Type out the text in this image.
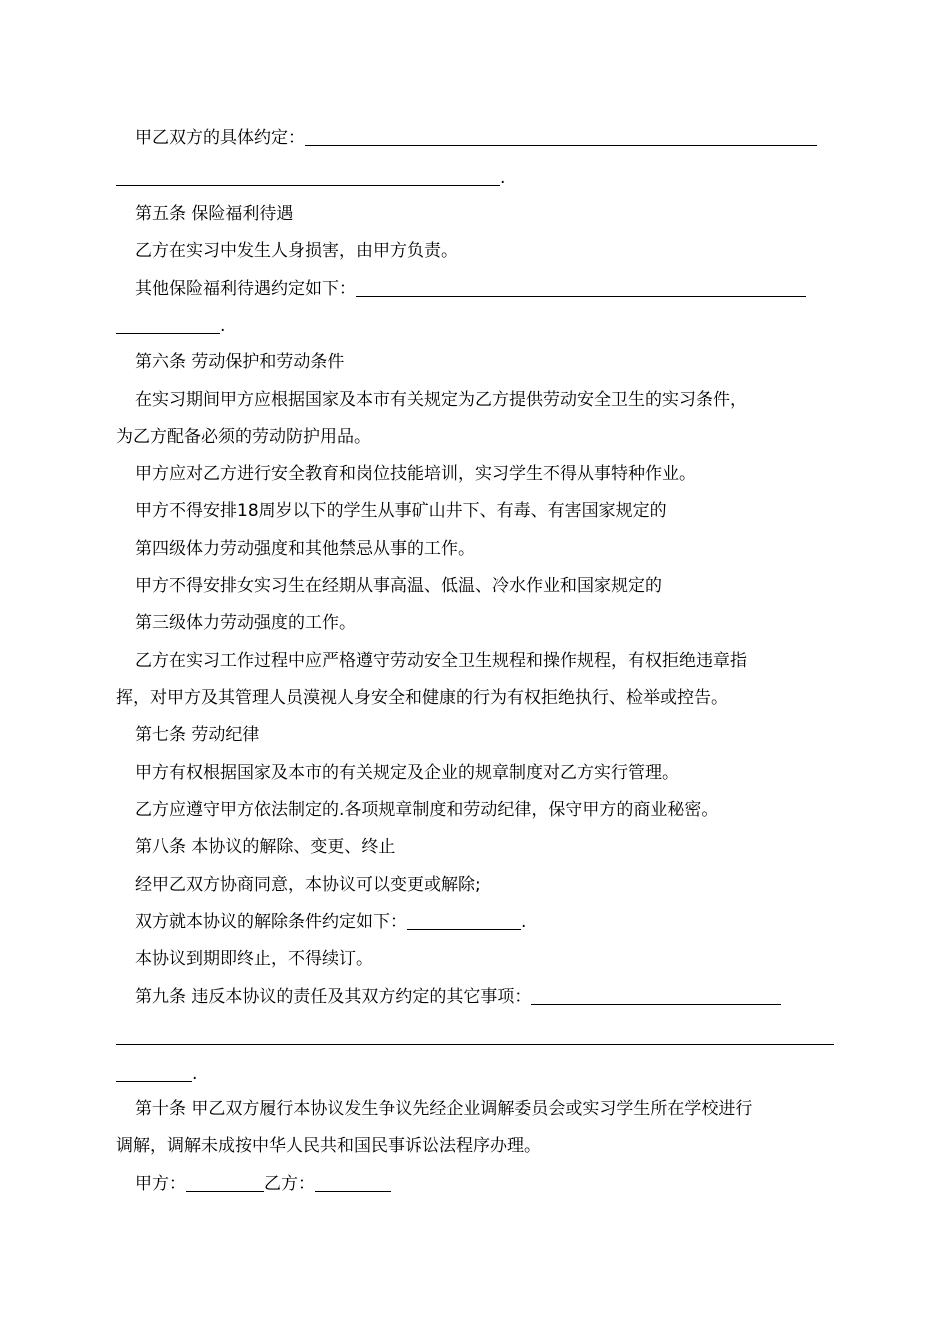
甲乙双方的具体约定：
.
第五条 保险福利待遇
乙方在实习中发生人身损害，由甲方负责。
其他保险福利待遇约定如下：
.
第六条 劳动保护和劳动条件
在实习期间甲方应根据国家及本市有关规定为乙方提供劳动安全卫生的实习条件，
为乙方配备必须的劳动防护用品。
甲方应对乙方进行安全教育和岗位技能培训，实习学生不得从事特种作业。
甲方不得安排18周岁以下的学生从事矿山井下、有毒、有害国家规定的
第四级体力劳动强度和其他禁忌从事的工作。
甲方不得安排女实习生在经期从事高温、低温、冷水作业和国家规定的
第三级体力劳动强度的工作。
乙方在实习工作过程中应严格遵守劳动安全卫生规程和操作规程，有权拒绝违章指
挥，对甲方及其管理人员漠视人身安全和健康的行为有权拒绝执行、检举或控告。
第七条 劳动纪律
甲方有权根据国家及本市的有关规定及企业的规章制度对乙方实行管理。
乙方应遵守甲方依法制定的.各项规章制度和劳动纪律，保守甲方的商业秘密。
第八条 本协议的解除、变更、终止
经甲乙双方协商同意，本协议可以变更或解除;
双方就本协议的解除条件约定如下：	.
本协议到期即终止，不得续订。
第九条 违反本协议的责任及其双方约定的其它事项：
.
第十条 甲乙双方履行本协议发生争议先经企业调解委员会或实习学生所在学校进行
调解，调解未成按中华人民共和国民事诉讼法程序办理。
甲方：	乙方：
